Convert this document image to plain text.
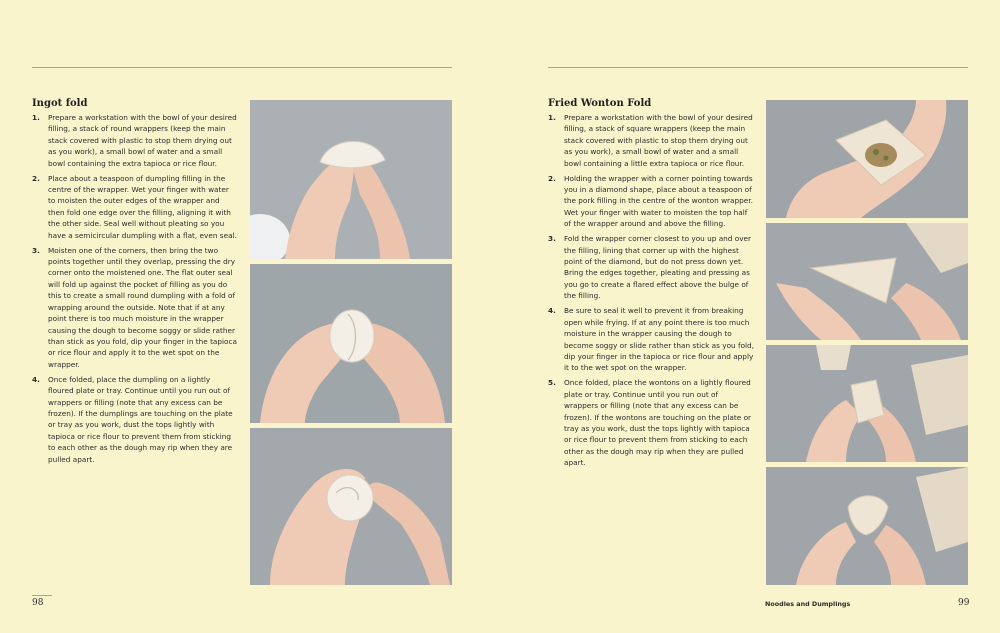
Ingot fold
1. Prepare a workstation with the bowl of your desired filling, a stack of round wrappers (keep the main stack covered with plastic to stop them drying out as you work), a small bowl of water and a small bowl containing the extra tapioca or rice flour.
2. Place about a teaspoon of dumpling filling in the centre of the wrapper. Wet your finger with water to moisten the outer edges of the wrapper and then fold one edge over the filling, aligning it with the other side. Seal well without pleating so you have a semicircular dumpling with a flat, even seal.
3. Moisten one of the corners, then bring the two points together until they overlap, pressing the dry corner onto the moistened one. The flat outer seal will fold up against the pocket of filling as you do this to create a small round dumpling with a fold of wrapping around the outside. Note that if at any point there is too much moisture in the wrapper causing the dough to become soggy or slide rather than stick as you fold, dip your finger in the tapioca or rice flour and apply it to the wet spot on the wrapper.
4. Once folded, place the dumpling on a lightly floured plate or tray. Continue until you run out of wrappers or filling (note that any excess can be frozen). If the dumplings are touching on the plate or tray as you work, dust the tops lightly with tapioca or rice flour to prevent them from sticking to each other as the dough may rip when they are pulled apart.
98
Fried Wonton Fold
1. Prepare a workstation with the bowl of your desired filling, a stack of square wrappers (keep the main stack covered with plastic to stop them drying out as you work), a small bowl of water and a small bowl containing a little extra tapioca or rice flour.
2. Holding the wrapper with a corner pointing towards you in a diamond shape, place about a teaspoon of the pork filling in the centre of the wonton wrapper. Wet your finger with water to moisten the top half of the wrapper around and above the filling.
3. Fold the wrapper corner closest to you up and over the filling, lining that corner up with the highest point of the diamond, but do not press down yet. Bring the edges together, pleating and pressing as you go to create a flared effect above the bulge of the filling.
4. Be sure to seal it well to prevent it from breaking open while frying. If at any point there is too much moisture in the wrapper causing the dough to become soggy or slide rather than stick as you fold, dip your finger in the tapioca or rice flour and apply it to the wet spot on the wrapper.
5. Once folded, place the wontons on a lightly floured plate or tray. Continue until you run out of wrappers or filling (note that any excess can be frozen). If the wontons are touching on the plate or tray as you work, dust the tops lightly with tapioca or rice flour to prevent them from sticking to each other as the dough may rip when they are pulled apart.
Noodles and Dumplings	99
